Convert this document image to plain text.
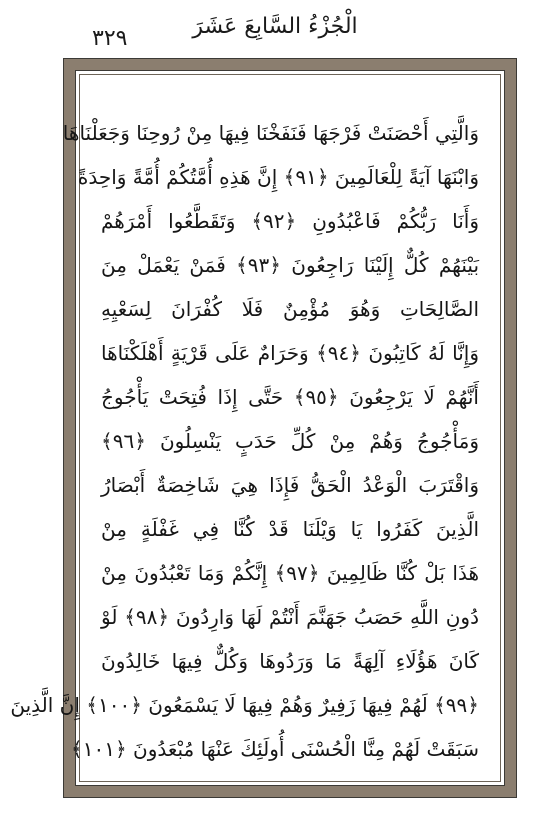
الْجُزْءُ السَّابِعَ عَشَرَ
٣٢٩
وَالَّتِي أَحْصَنَتْ فَرْجَهَا فَنَفَخْنَا فِيهَا مِنْ رُوحِنَا وَجَعَلْنَاهَا
وَابْنَهَا آيَةً لِلْعَالَمِينَ ﴿٩١﴾ إِنَّ هَذِهِ أُمَّتُكُمْ أُمَّةً وَاحِدَةً
وَأَنَا رَبُّكُمْ فَاعْبُدُونِ ﴿٩٢﴾ وَتَقَطَّعُوا أَمْرَهُمْ
بَيْنَهُمْ كُلٌّ إِلَيْنَا رَاجِعُونَ ﴿٩٣﴾ فَمَنْ يَعْمَلْ مِنَ
الصَّالِحَاتِ وَهُوَ مُؤْمِنٌ فَلَا كُفْرَانَ لِسَعْيِهِ
وَإِنَّا لَهُ كَاتِبُونَ ﴿٩٤﴾ وَحَرَامٌ عَلَى قَرْيَةٍ أَهْلَكْنَاهَا
أَنَّهُمْ لَا يَرْجِعُونَ ﴿٩٥﴾ حَتَّى إِذَا فُتِحَتْ يَأْجُوجُ
وَمَأْجُوجُ وَهُمْ مِنْ كُلِّ حَدَبٍ يَنْسِلُونَ ﴿٩٦﴾
وَاقْتَرَبَ الْوَعْدُ الْحَقُّ فَإِذَا هِيَ شَاخِصَةٌ أَبْصَارُ
الَّذِينَ كَفَرُوا يَا وَيْلَنَا قَدْ كُنَّا فِي غَفْلَةٍ مِنْ
هَذَا بَلْ كُنَّا ظَالِمِينَ ﴿٩٧﴾ إِنَّكُمْ وَمَا تَعْبُدُونَ مِنْ
دُونِ اللَّهِ حَصَبُ جَهَنَّمَ أَنْتُمْ لَهَا وَارِدُونَ ﴿٩٨﴾ لَوْ
كَانَ هَؤُلَاءِ آلِهَةً مَا وَرَدُوهَا وَكُلٌّ فِيهَا خَالِدُونَ
﴿٩٩﴾ لَهُمْ فِيهَا زَفِيرٌ وَهُمْ فِيهَا لَا يَسْمَعُونَ ﴿١٠٠﴾ إِنَّ الَّذِينَ
سَبَقَتْ لَهُمْ مِنَّا الْحُسْنَى أُولَئِكَ عَنْهَا مُبْعَدُونَ ﴿١٠١﴾
